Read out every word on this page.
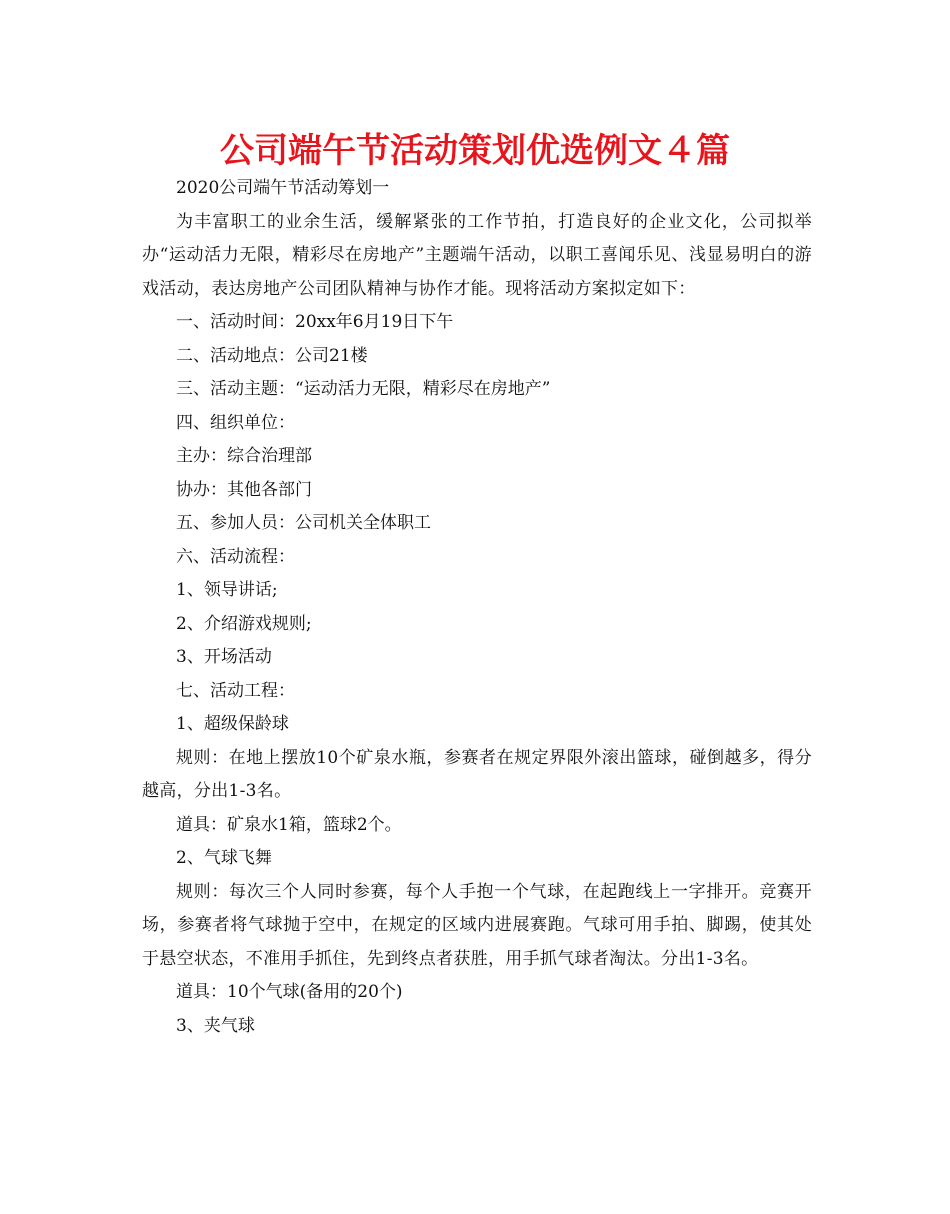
公司端午节活动策划优选例文４篇

2020公司端午节活动筹划一

为丰富职工的业余生活，缓解紧张的工作节拍，打造良好的企业文化，公司拟举办“运动活力无限，精彩尽在房地产”主题端午活动，以职工喜闻乐见、浅显易明白的游戏活动，表达房地产公司团队精神与协作才能。现将活动方案拟定如下：

一、活动时间：20xx年6月19日下午

二、活动地点：公司21楼

三、活动主题：“运动活力无限，精彩尽在房地产”

四、组织单位：

主办：综合治理部

协办：其他各部门

五、参加人员：公司机关全体职工

六、活动流程：

1、领导讲话;

2、介绍游戏规则;

3、开场活动

七、活动工程：

1、超级保龄球

规则：在地上摆放10个矿泉水瓶，参赛者在规定界限外滚出篮球，碰倒越多，得分越高，分出1-3名。

道具：矿泉水1箱，篮球2个。

2、气球飞舞

规则：每次三个人同时参赛，每个人手抱一个气球，在起跑线上一字排开。竞赛开场，参赛者将气球抛于空中，在规定的区域内进展赛跑。气球可用手拍、脚踢，使其处于悬空状态，不准用手抓住，先到终点者获胜，用手抓气球者淘汰。分出1-3名。

道具：10个气球(备用的20个)

3、夹气球
